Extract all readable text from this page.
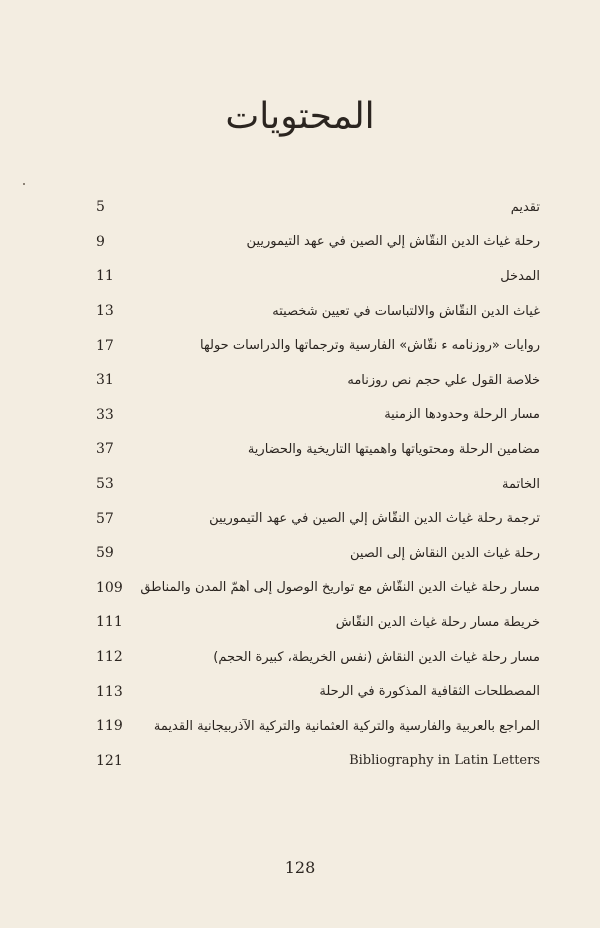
المحتويات
5	تقديم
9	رحلة غياث الدين النقّاش إلي الصين في عهد التيموريين
11	المدخل
13	غياث الدين النقّاش والالتباسات في تعيين شخصيته
17	روايات «روزنامه ء نقّاش» الفارسية وترجماتها والدراسات حولها
31	خلاصة القول علي حجم نص روزنامه
33	مسار الرحلة وحدودها الزمنية
37	مضامين الرحلة ومحتوياتها واهميتها التاريخية والحضارية
53	الخاتمة
57	ترجمة رحلة غياث الدين النقّاش إلي الصين في عهد التيموريين
59	رحلة غياث الدين النقاش إلى الصين
109	مسار رحلة غياث الدين النقّاش مع تواريخ الوصول إلى أهمّ المدن والمناطق
111	خريطة مسار رحلة غياث الدين النقّاش
112	مسار رحلة غياث الدين النقاش (نفس الخريطة، كبيرة الحجم)
113	المصطلحات الثقافية المذكورة في الرحلة
119	المراجع بالعربية والفارسية والتركية العثمانية والتركية الآذربيجانية القديمة
121	Bibliography in Latin Letters
128
